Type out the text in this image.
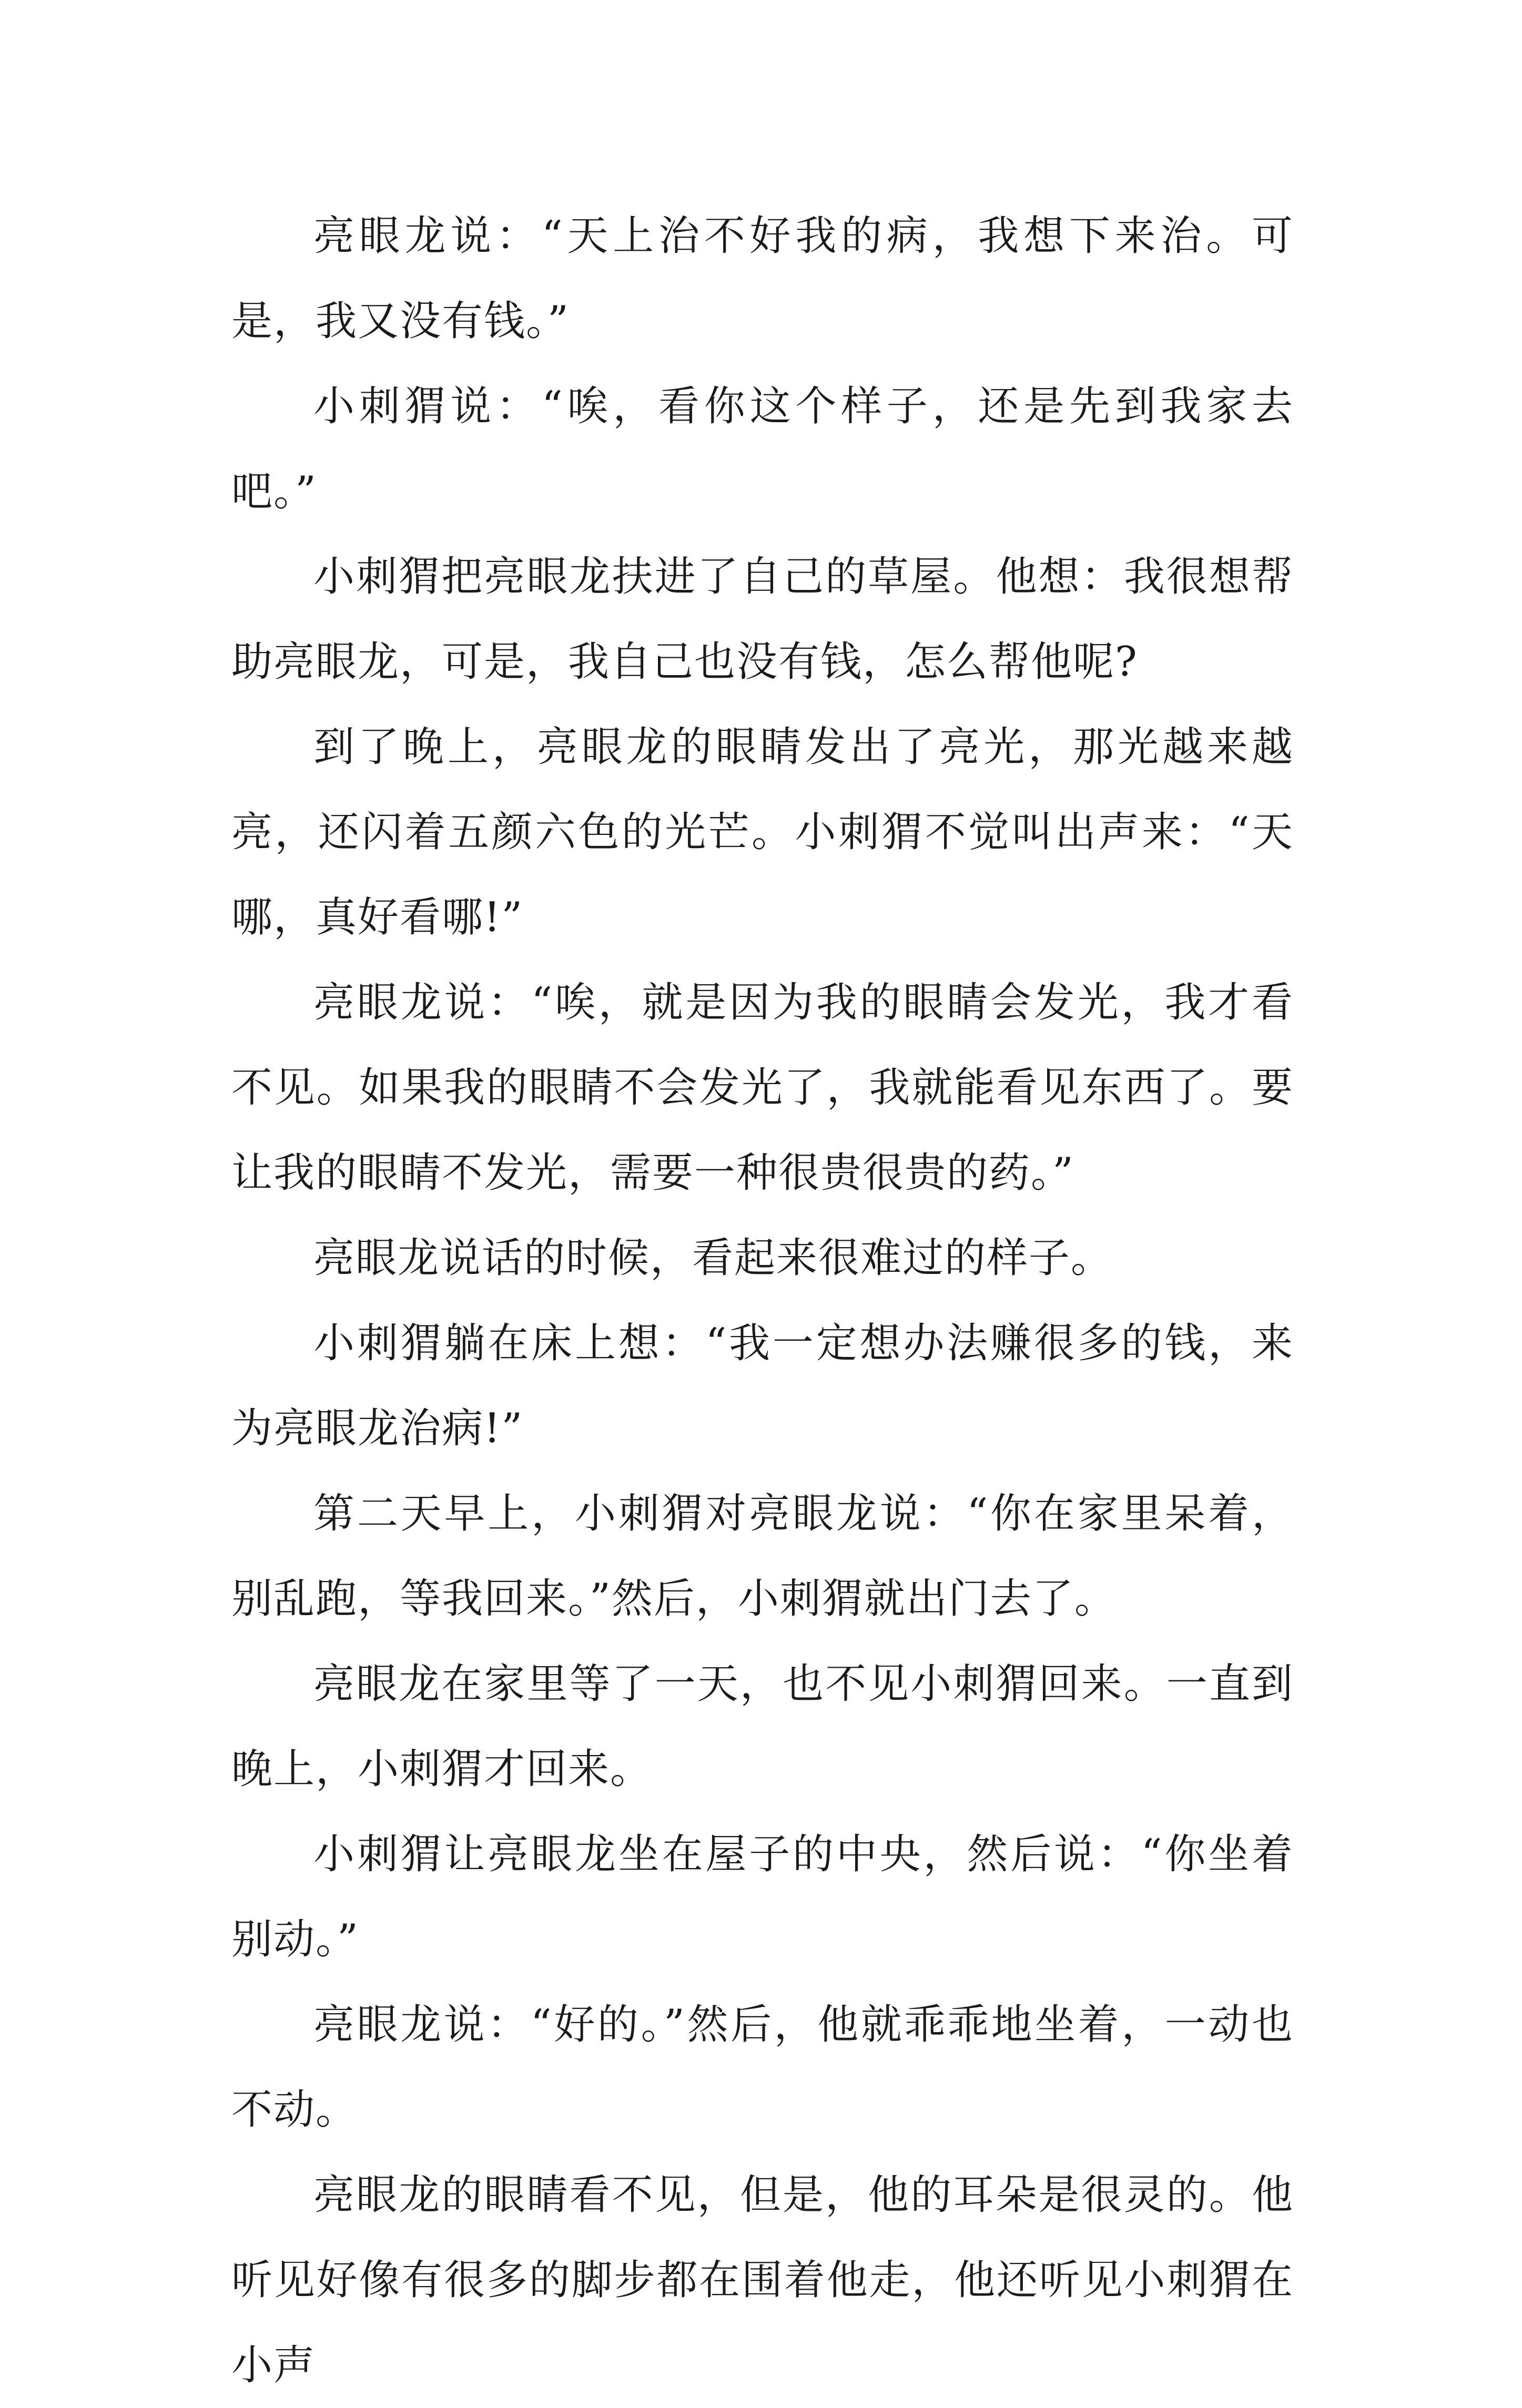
亮眼龙说：“天上治不好我的病，我想下来治。可是，我又没有钱。”

小刺猬说：“唉，看你这个样子，还是先到我家去吧。”

小刺猬把亮眼龙扶进了自己的草屋。他想：我很想帮助亮眼龙，可是，我自己也没有钱，怎么帮他呢?

到了晚上，亮眼龙的眼睛发出了亮光，那光越来越亮，还闪着五颜六色的光芒。小刺猬不觉叫出声来：“天哪，真好看哪!”

亮眼龙说：“唉，就是因为我的眼睛会发光，我才看不见。如果我的眼睛不会发光了，我就能看见东西了。要让我的眼睛不发光，需要一种很贵很贵的药。”

亮眼龙说话的时候，看起来很难过的样子。

小刺猬躺在床上想：“我一定想办法赚很多的钱，来为亮眼龙治病!”

第二天早上，小刺猬对亮眼龙说：“你在家里呆着，别乱跑，等我回来。”然后，小刺猬就出门去了。

亮眼龙在家里等了一天，也不见小刺猬回来。一直到晚上，小刺猬才回来。

小刺猬让亮眼龙坐在屋子的中央，然后说：“你坐着别动。”

亮眼龙说：“好的。”然后，他就乖乖地坐着，一动也不动。

亮眼龙的眼睛看不见，但是，他的耳朵是很灵的。他听见好像有很多的脚步都在围着他走，他还听见小刺猬在小声
